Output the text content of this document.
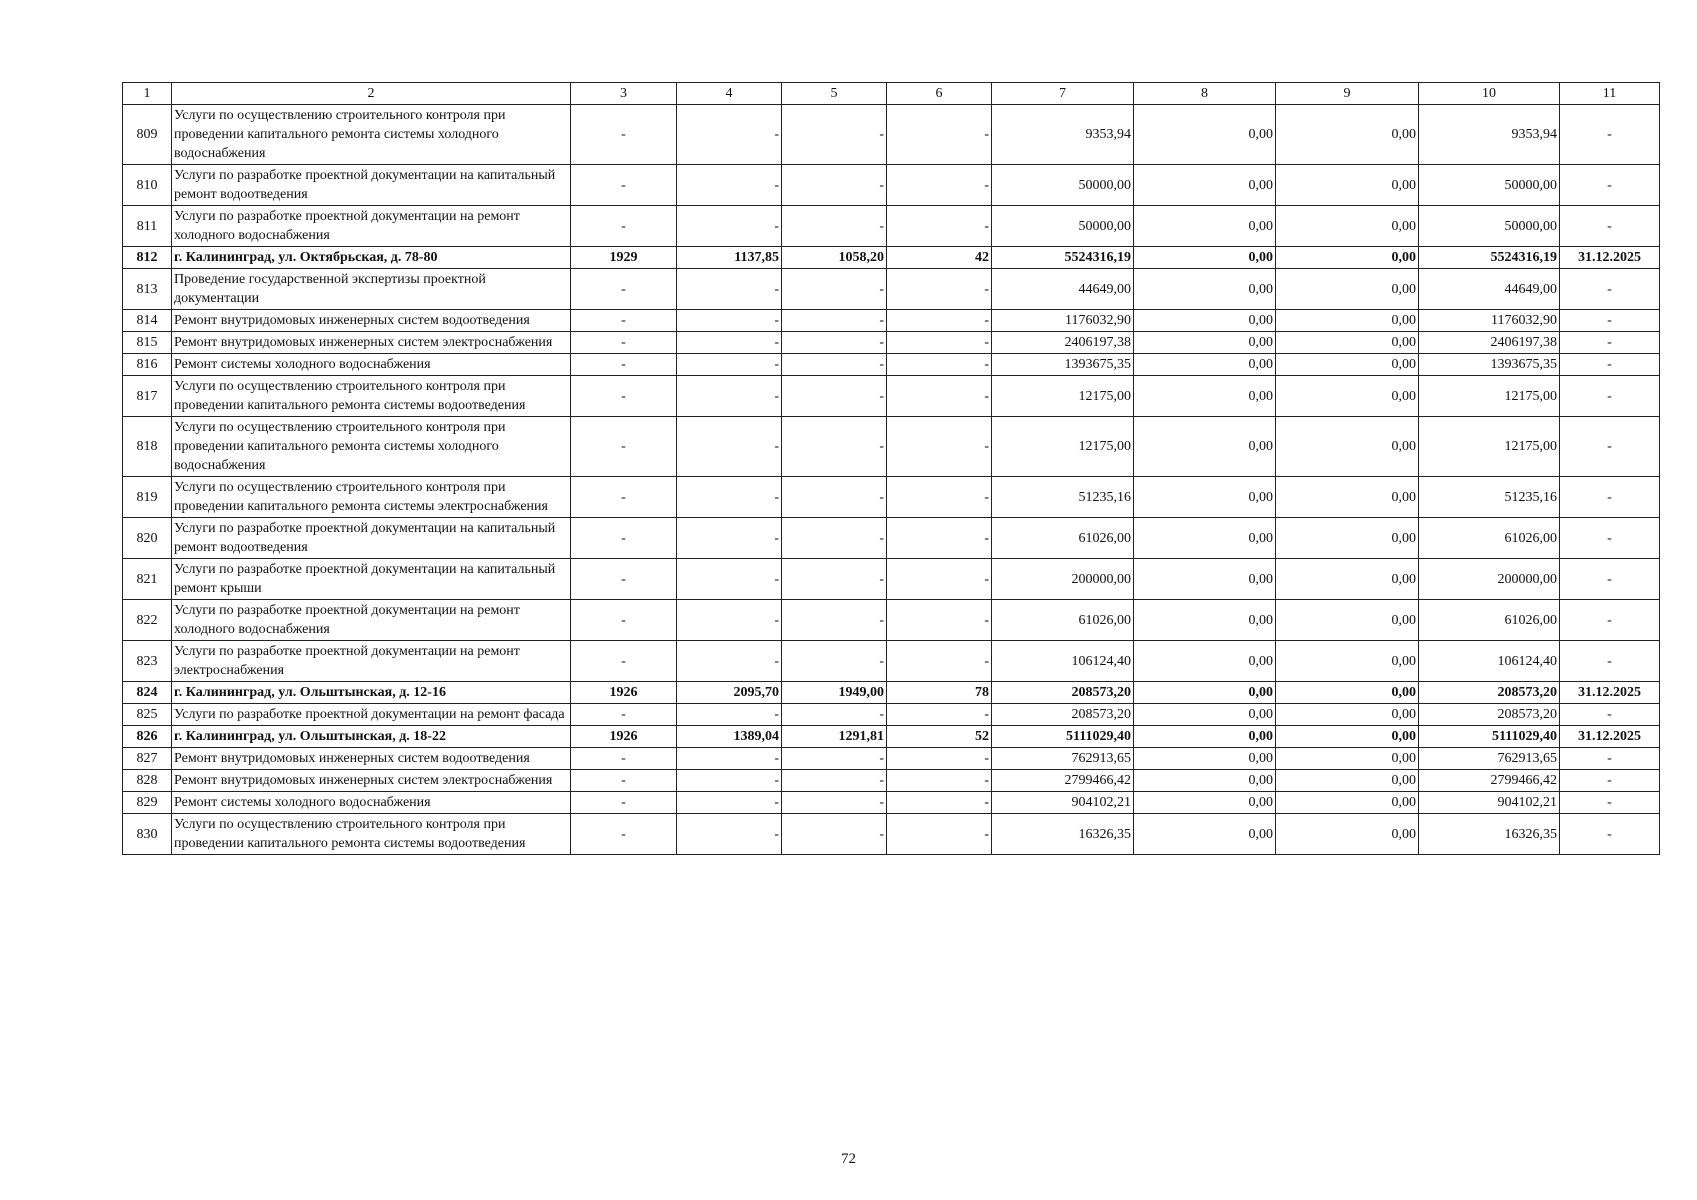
1	2	3	4	5	6	7	8	9	10	11
809	Услуги по осуществлению строительного контроля при проведении капитального ремонта системы холодного водоснабжения	-	-	-	-	9353,94	0,00	0,00	9353,94	-
810	Услуги по разработке проектной документации на капитальный ремонт водоотведения	-	-	-	-	50000,00	0,00	0,00	50000,00	-
811	Услуги по разработке проектной документации на ремонт холодного водоснабжения	-	-	-	-	50000,00	0,00	0,00	50000,00	-
812	г. Калининград, ул. Октябрьская, д. 78-80	1929	1137,85	1058,20	42	5524316,19	0,00	0,00	5524316,19	31.12.2025
813	Проведение государственной экспертизы проектной документации	-	-	-	-	44649,00	0,00	0,00	44649,00	-
814	Ремонт внутридомовых инженерных систем водоотведения	-	-	-	-	1176032,90	0,00	0,00	1176032,90	-
815	Ремонт внутридомовых инженерных систем электроснабжения	-	-	-	-	2406197,38	0,00	0,00	2406197,38	-
816	Ремонт системы холодного водоснабжения	-	-	-	-	1393675,35	0,00	0,00	1393675,35	-
817	Услуги по осуществлению строительного контроля при проведении капитального ремонта системы водоотведения	-	-	-	-	12175,00	0,00	0,00	12175,00	-
818	Услуги по осуществлению строительного контроля при проведении капитального ремонта системы холодного водоснабжения	-	-	-	-	12175,00	0,00	0,00	12175,00	-
819	Услуги по осуществлению строительного контроля при проведении капитального ремонта системы электроснабжения	-	-	-	-	51235,16	0,00	0,00	51235,16	-
820	Услуги по разработке проектной документации на капитальный ремонт водоотведения	-	-	-	-	61026,00	0,00	0,00	61026,00	-
821	Услуги по разработке проектной документации на капитальный ремонт крыши	-	-	-	-	200000,00	0,00	0,00	200000,00	-
822	Услуги по разработке проектной документации на ремонт холодного водоснабжения	-	-	-	-	61026,00	0,00	0,00	61026,00	-
823	Услуги по разработке проектной документации на ремонт электроснабжения	-	-	-	-	106124,40	0,00	0,00	106124,40	-
824	г. Калининград, ул. Ольштынская, д. 12-16	1926	2095,70	1949,00	78	208573,20	0,00	0,00	208573,20	31.12.2025
825	Услуги по разработке проектной документации на ремонт фасада	-	-	-	-	208573,20	0,00	0,00	208573,20	-
826	г. Калининград, ул. Ольштынская, д. 18-22	1926	1389,04	1291,81	52	5111029,40	0,00	0,00	5111029,40	31.12.2025
827	Ремонт внутридомовых инженерных систем водоотведения	-	-	-	-	762913,65	0,00	0,00	762913,65	-
828	Ремонт внутридомовых инженерных систем электроснабжения	-	-	-	-	2799466,42	0,00	0,00	2799466,42	-
829	Ремонт системы холодного водоснабжения	-	-	-	-	904102,21	0,00	0,00	904102,21	-
830	Услуги по осуществлению строительного контроля при проведении капитального ремонта системы водоотведения	-	-	-	-	16326,35	0,00	0,00	16326,35	-
72
